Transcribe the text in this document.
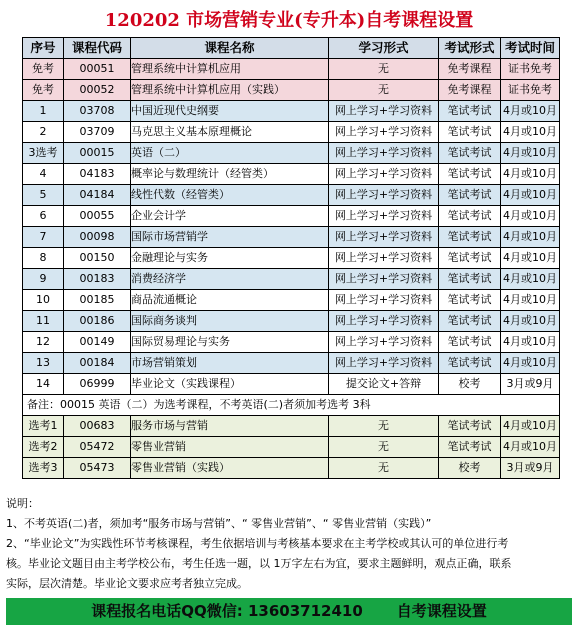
120202 市场营销专业(专升本)自考课程设置
序号	课程代码	课程名称	学习形式	考试形式	考试时间
免考	00051	管理系统中计算机应用	无	免考课程	证书免考
免考	00052	管理系统中计算机应用（实践）	无	免考课程	证书免考
1	03708	中国近现代史纲要	网上学习+学习资料	笔试考试	4月或10月
2	03709	马克思主义基本原理概论	网上学习+学习资料	笔试考试	4月或10月
3选考	00015	英语（二）	网上学习+学习资料	笔试考试	4月或10月
4	04183	概率论与数理统计（经管类）	网上学习+学习资料	笔试考试	4月或10月
5	04184	线性代数（经管类）	网上学习+学习资料	笔试考试	4月或10月
6	00055	企业会计学	网上学习+学习资料	笔试考试	4月或10月
7	00098	国际市场营销学	网上学习+学习资料	笔试考试	4月或10月
8	00150	金融理论与实务	网上学习+学习资料	笔试考试	4月或10月
9	00183	消费经济学	网上学习+学习资料	笔试考试	4月或10月
10	00185	商品流通概论	网上学习+学习资料	笔试考试	4月或10月
11	00186	国际商务谈判	网上学习+学习资料	笔试考试	4月或10月
12	00149	国际贸易理论与实务	网上学习+学习资料	笔试考试	4月或10月
13	00184	市场营销策划	网上学习+学习资料	笔试考试	4月或10月
14	06999	毕业论文（实践课程）	提交论文+答辩	校考	3月或9月
备注：00015 英语（二）为选考课程，不考英语(二)者须加考选考 3科					
选考1	00683	服务市场与营销	无	笔试考试	4月或10月
选考2	05472	零售业营销	无	笔试考试	4月或10月
选考3	05473	零售业营销（实践）	无	校考	3月或9月
说明：
1、不考英语(二)者，须加考“服务市场与营销”、“ 零售业营销”、“ 零售业营销（实践）”
2、“毕业论文”为实践性环节考核课程，考生依据培训与考核基本要求在主考学校或其认可的单位进行考
核。毕业论文题目由主考学校公布，考生任选一题，以 1万字左右为宜，要求主题鲜明，观点正确，联系
实际，层次清楚。毕业论文要求应考者独立完成。
课程报名电话QQ微信: 13603712410 自考课程设置
